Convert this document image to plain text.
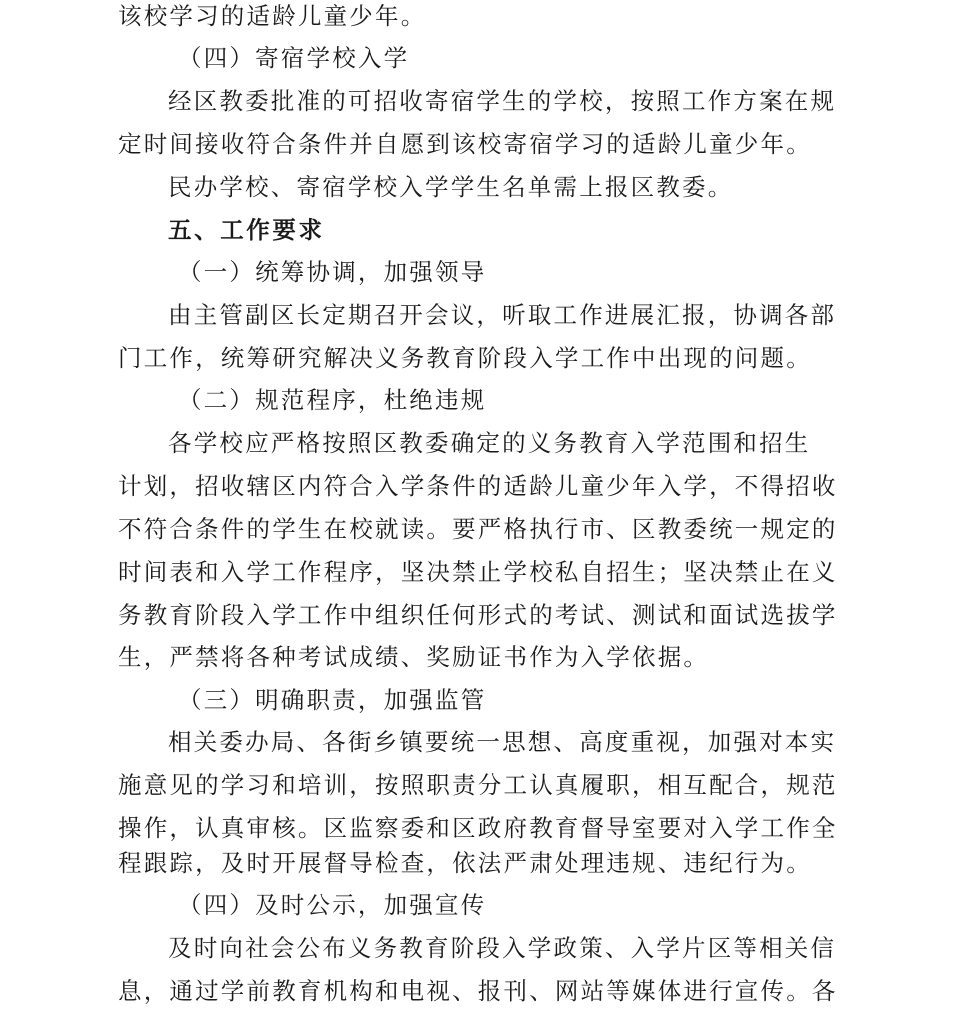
该校学习的适龄儿童少年。
（四）寄宿学校入学
经区教委批准的可招收寄宿学生的学校，按照工作方案在规
定时间接收符合条件并自愿到该校寄宿学习的适龄儿童少年。
民办学校、寄宿学校入学学生名单需上报区教委。
五、工作要求
（一）统筹协调，加强领导
由主管副区长定期召开会议，听取工作进展汇报，协调各部
门工作，统筹研究解决义务教育阶段入学工作中出现的问题。
（二）规范程序，杜绝违规
各学校应严格按照区教委确定的义务教育入学范围和招生
计划，招收辖区内符合入学条件的适龄儿童少年入学，不得招收
不符合条件的学生在校就读。要严格执行市、区教委统一规定的
时间表和入学工作程序，坚决禁止学校私自招生；坚决禁止在义
务教育阶段入学工作中组织任何形式的考试、测试和面试选拔学
生，严禁将各种考试成绩、奖励证书作为入学依据。
（三）明确职责，加强监管
相关委办局、各街乡镇要统一思想、高度重视，加强对本实
施意见的学习和培训，按照职责分工认真履职，相互配合，规范
操作，认真审核。区监察委和区政府教育督导室要对入学工作全
程跟踪，及时开展督导检查，依法严肃处理违规、违纪行为。
（四）及时公示，加强宣传
及时向社会公布义务教育阶段入学政策、入学片区等相关信
息，通过学前教育机构和电视、报刊、网站等媒体进行宣传。各
